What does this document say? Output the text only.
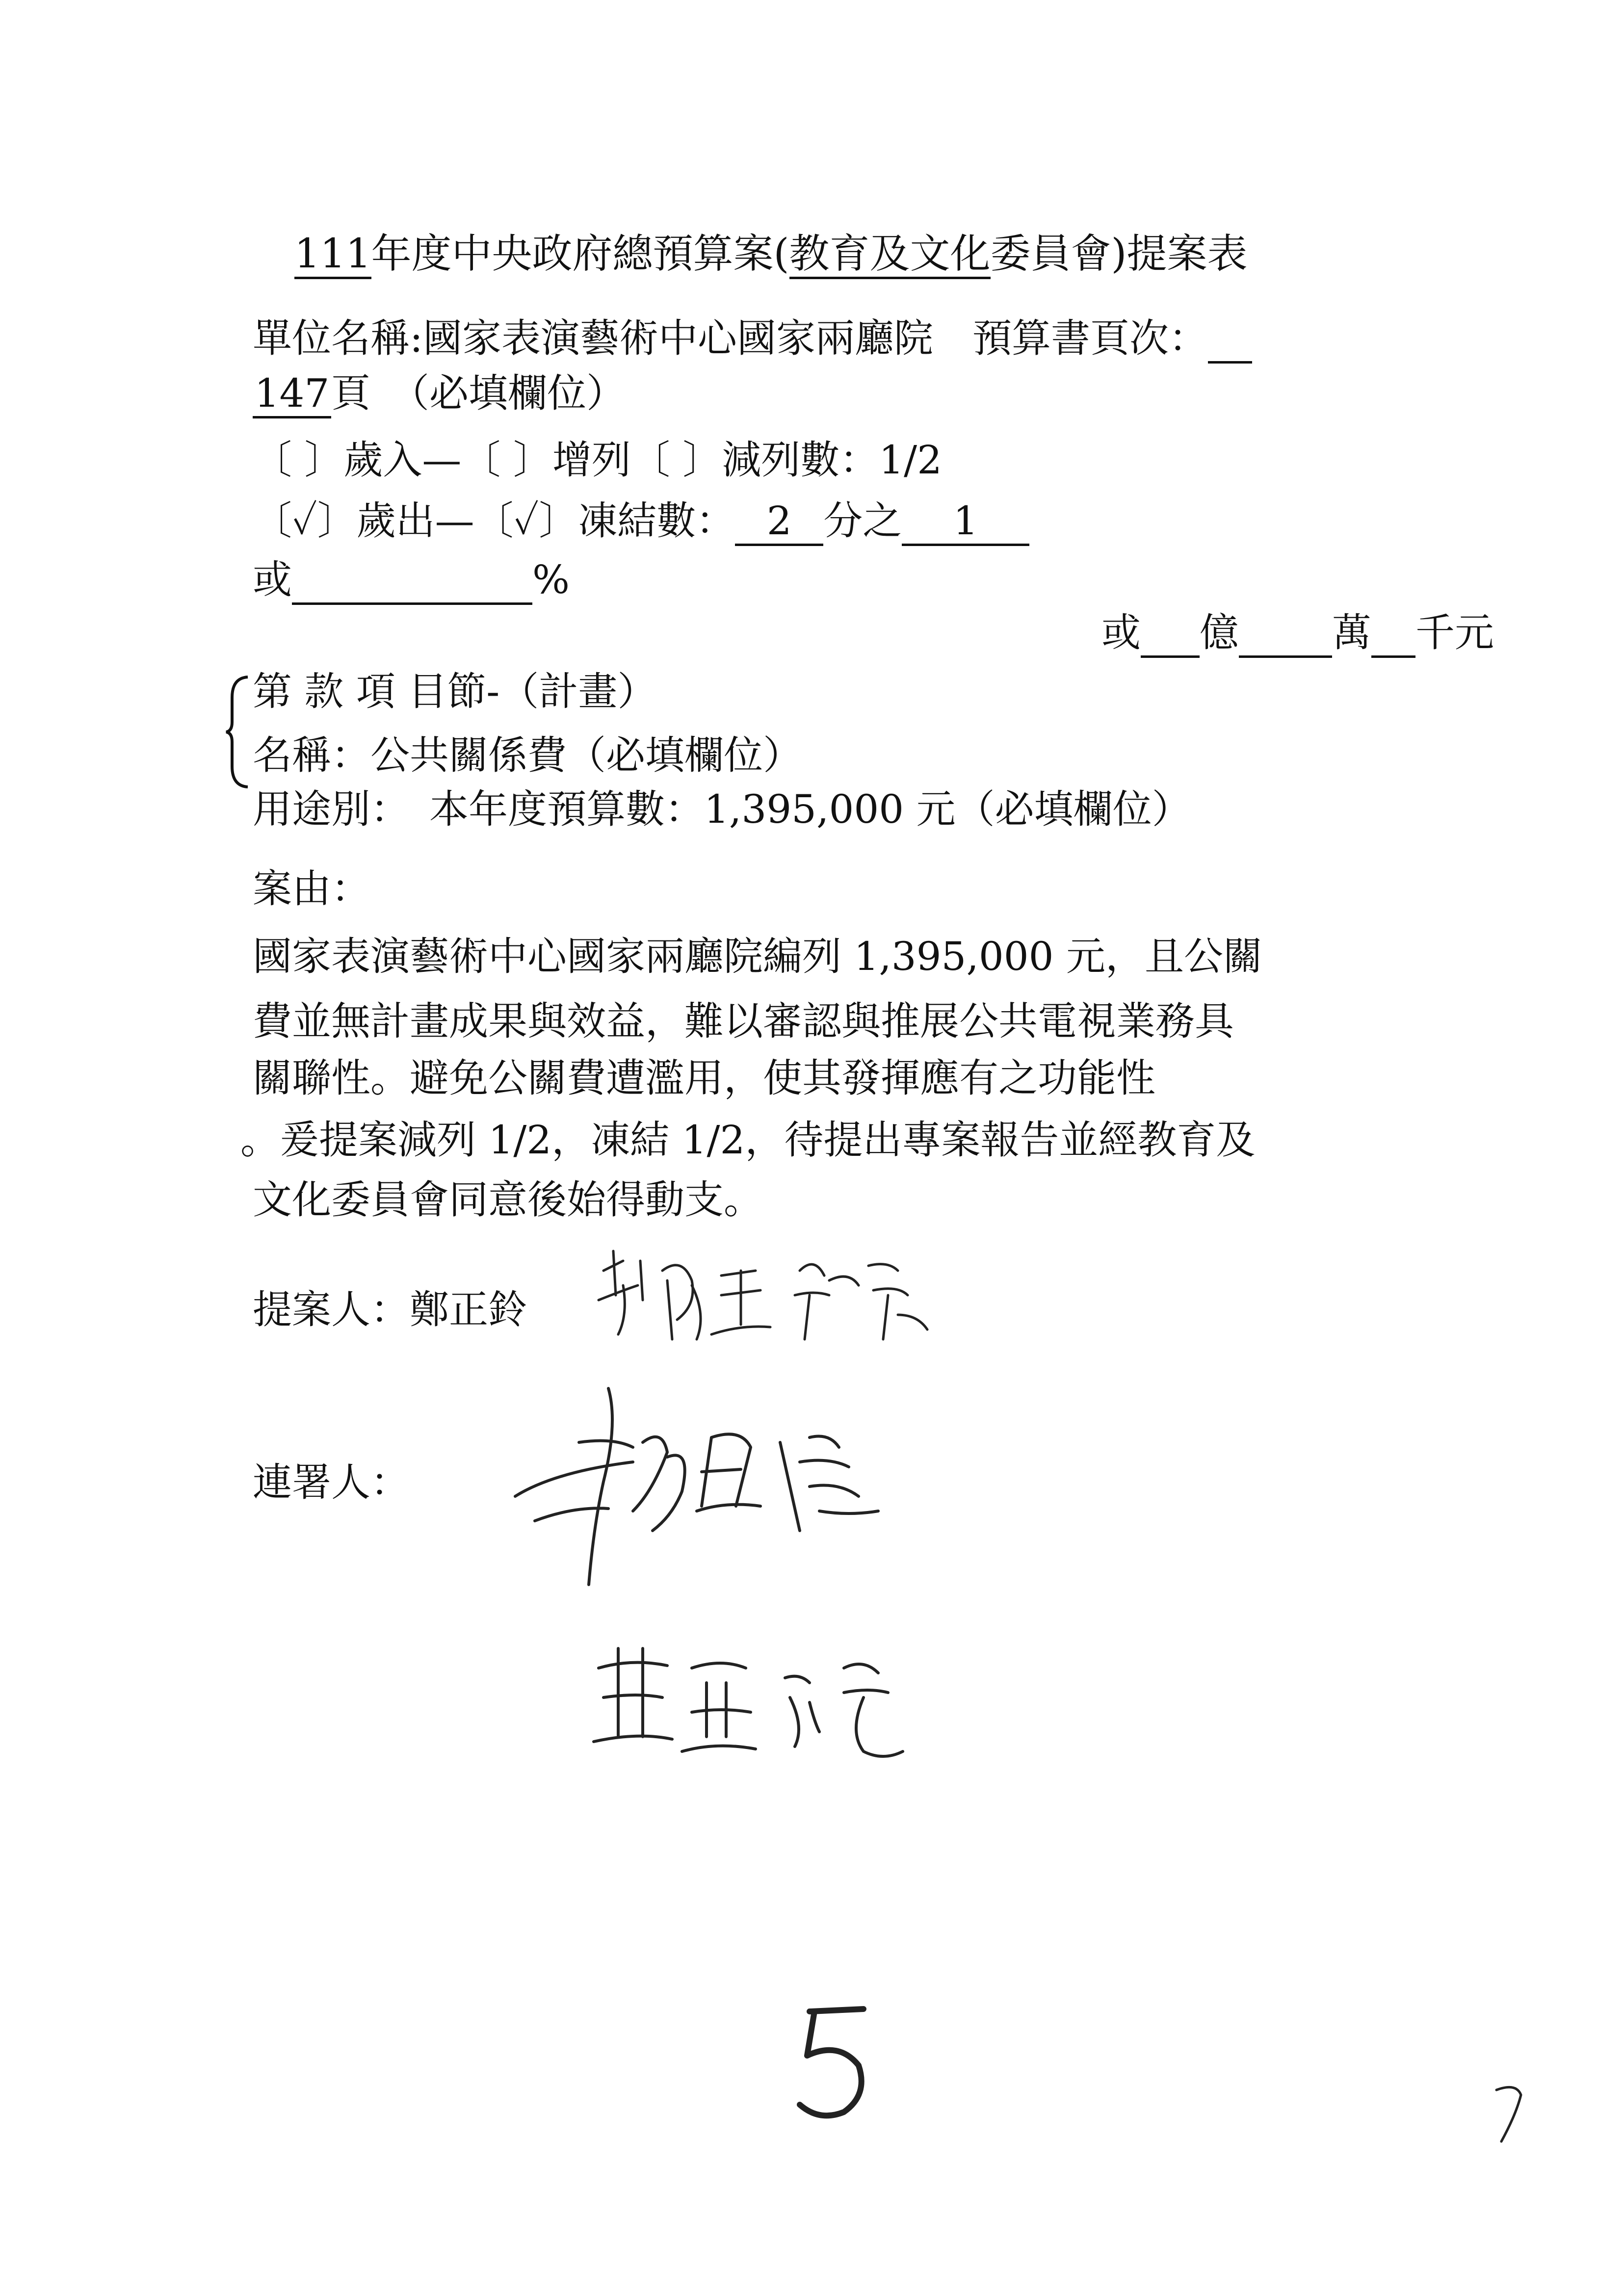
111年度中央政府總預算案(教育及文化委員會)提案表
單位名稱:國家表演藝術中心國家兩廳院　預算書頁次：
147頁　（必填欄位）
〔 〕歲入—〔 〕增列〔 〕減列數：1/2
〔✓〕歲出—〔✓〕凍結數： 2 分之 1
或	%
或 億 萬 千元
第 款 項 目節-（計畫）
名稱：公共關係費（必填欄位）
用途別：　本年度預算數：1,395,000 元（必填欄位）
案由：
國家表演藝術中心國家兩廳院編列 1,395,000 元，且公關
費並無計畫成果與效益，難以審認與推展公共電視業務具
關聯性。避免公關費遭濫用，使其發揮應有之功能性
。爰提案減列 1/2，凍結 1/2，待提出專案報告並經教育及
文化委員會同意後始得動支。
提案人：鄭正鈴
連署人：
5
7
